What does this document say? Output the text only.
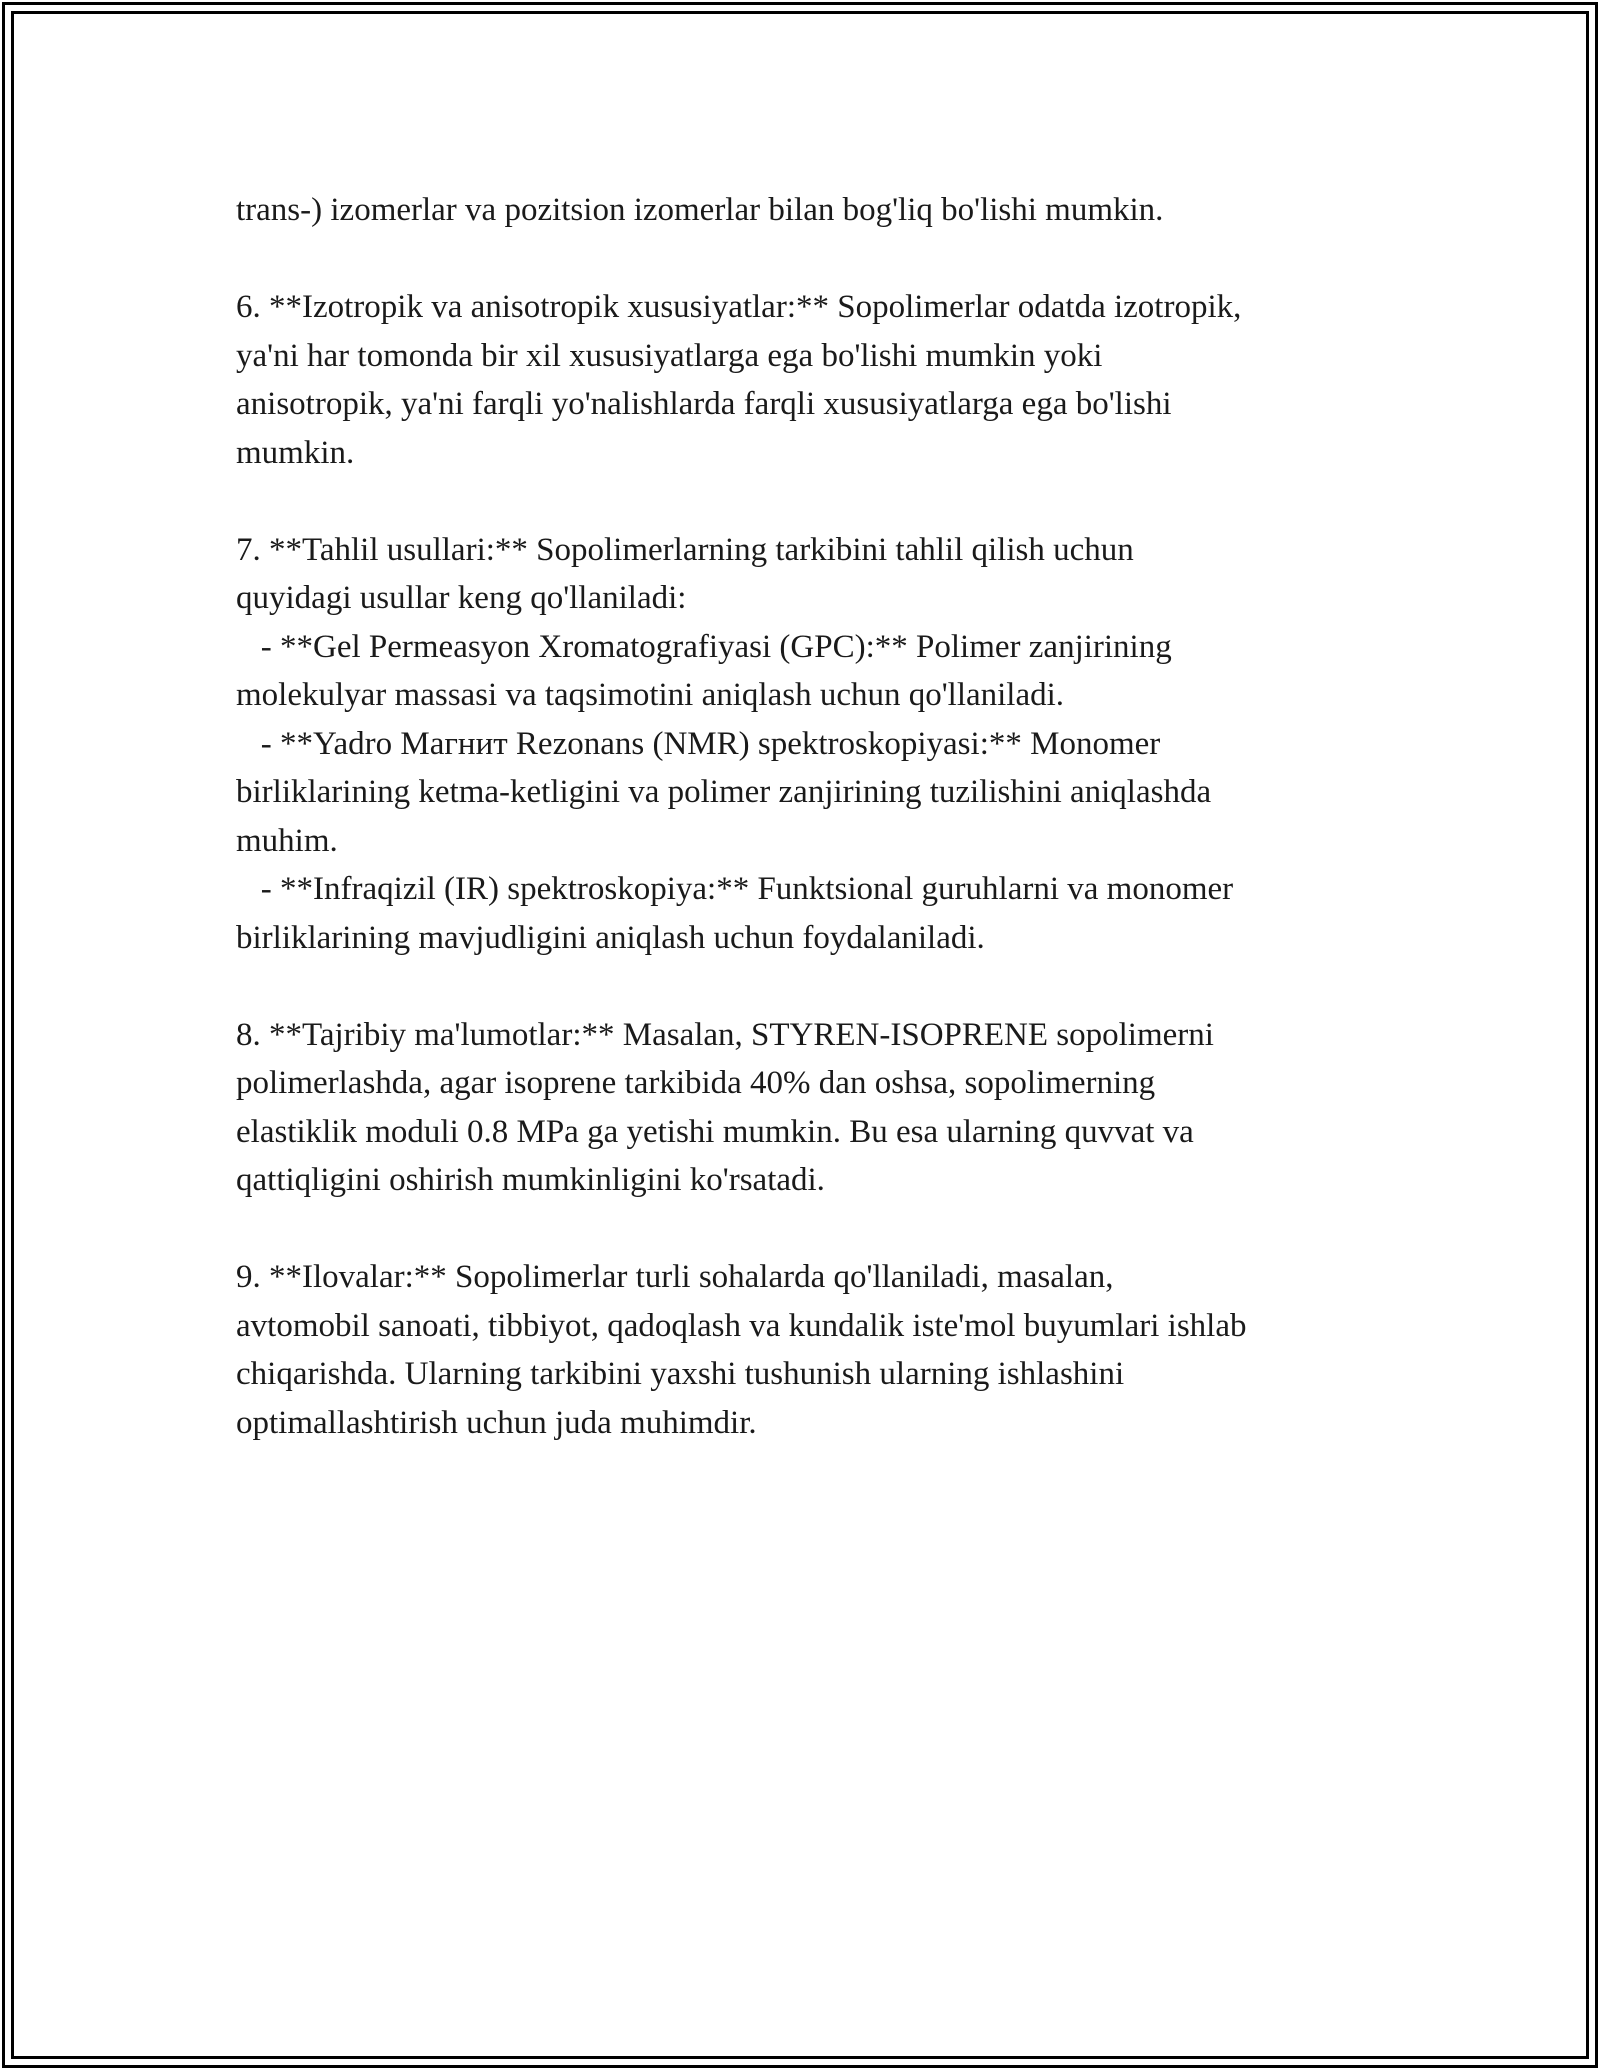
trans-) izomerlar va pozitsion izomerlar bilan bog'liq bo'lishi mumkin.
6. **Izotropik va anisotropik xususiyatlar:** Sopolimerlar odatda izotropik,
ya'ni har tomonda bir xil xususiyatlarga ega bo'lishi mumkin yoki
anisotropik, ya'ni farqli yo'nalishlarda farqli xususiyatlarga ega bo'lishi
mumkin.
7. **Tahlil usullari:** Sopolimerlarning tarkibini tahlil qilish uchun
quyidagi usullar keng qo'llaniladi:
- **Gel Permeasyon Xromatografiyasi (GPC):** Polimer zanjirining
molekulyar massasi va taqsimotini aniqlash uchun qo'llaniladi.
- **Yadro Магнит Rezonans (NMR) spektroskopiyasi:** Monomer
birliklarining ketma-ketligini va polimer zanjirining tuzilishini aniqlashda
muhim.
- **Infraqizil (IR) spektroskopiya:** Funktsional guruhlarni va monomer
birliklarining mavjudligini aniqlash uchun foydalaniladi.
8. **Tajribiy ma'lumotlar:** Masalan, STYREN-ISOPRENE sopolimerni
polimerlashda, agar isoprene tarkibida 40% dan oshsa, sopolimerning
elastiklik moduli 0.8 MPa ga yetishi mumkin. Bu esa ularning quvvat va
qattiqligini oshirish mumkinligini ko'rsatadi.
9. **Ilovalar:** Sopolimerlar turli sohalarda qo'llaniladi, masalan,
avtomobil sanoati, tibbiyot, qadoqlash va kundalik iste'mol buyumlari ishlab
chiqarishda. Ularning tarkibini yaxshi tushunish ularning ishlashini
optimallashtirish uchun juda muhimdir.
